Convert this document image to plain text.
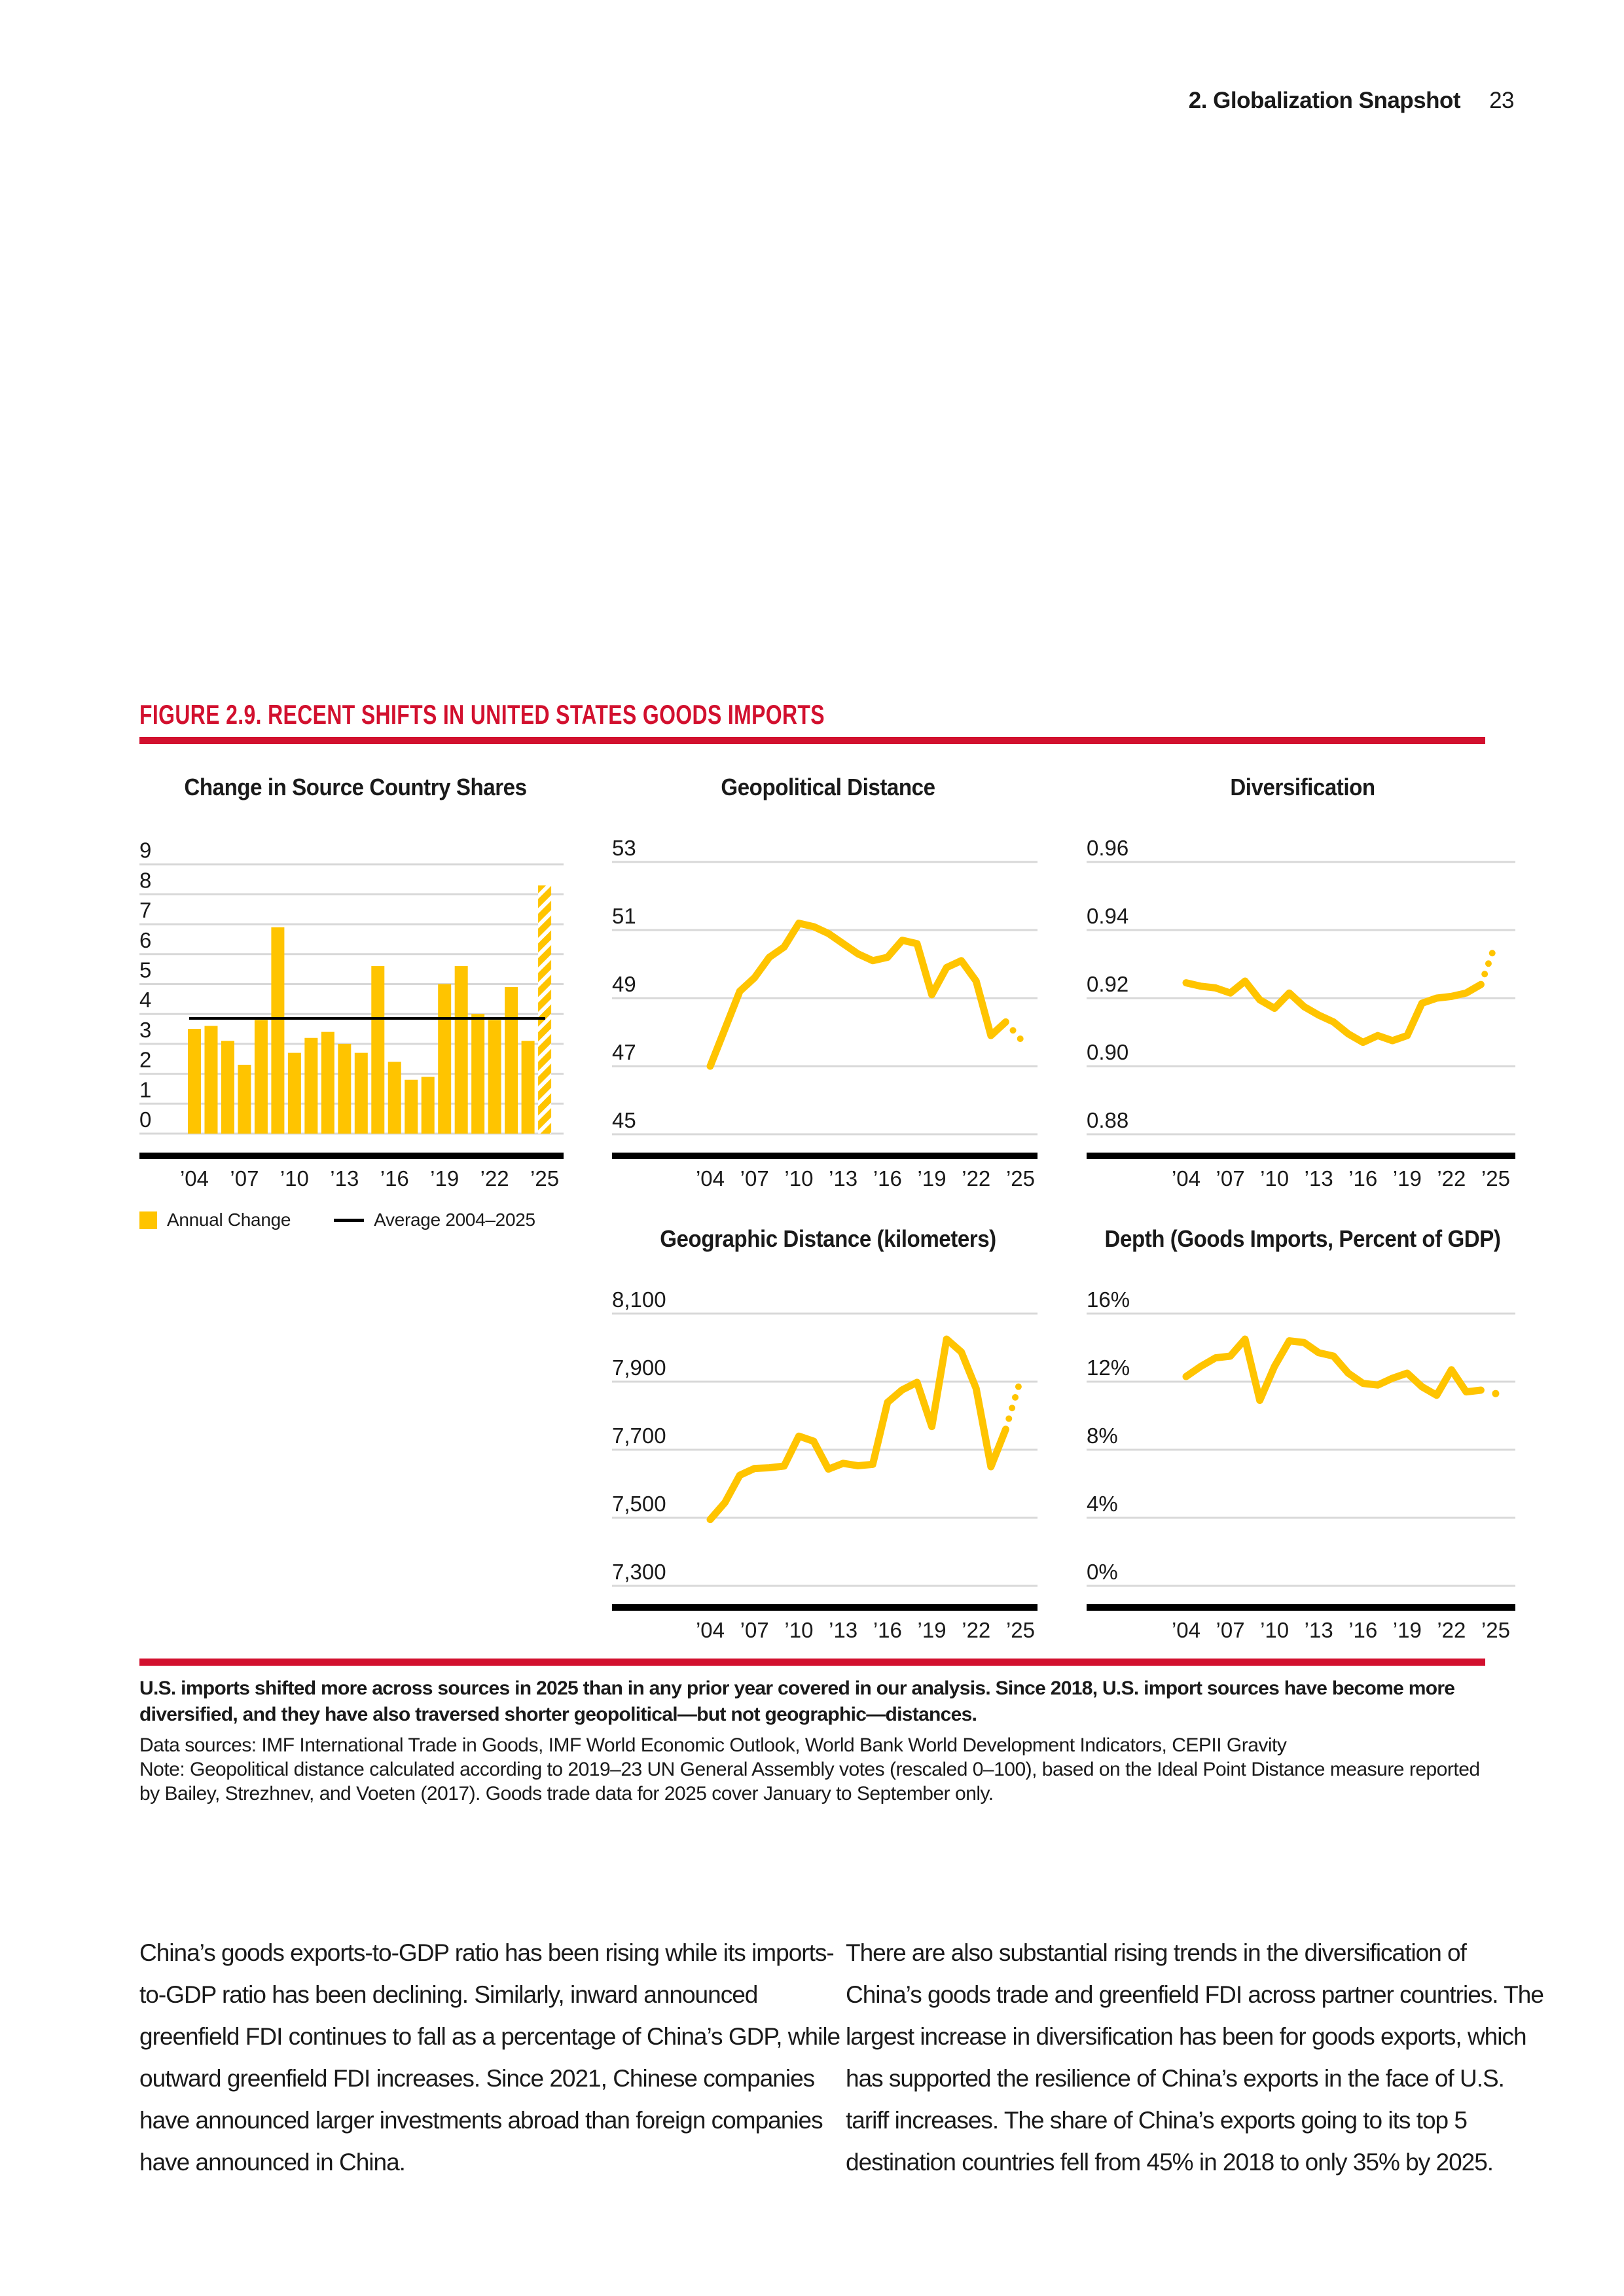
2. Globalization Snapshot 23
FIGURE 2.9. RECENT SHIFTS IN UNITED STATES GOODS IMPORTS
Change in Source Country Shares
9
8
7
6
5
4
3
2
1
0
’04 ’07 ’10 ’13 ’16 ’19 ’22 ’25
Geopolitical Distance
53
51
49
47
45
’04 ’07 ’10 ’13 ’16 ’19 ’22 ’25
Diversification
0.96
0.94
0.92
0.90
0.88
’04 ’07 ’10 ’13 ’16 ’19 ’22 ’25
Geographic Distance (kilometers)
8,100
7,900
7,700
7,500
7,300
’04 ’07 ’10 ’13 ’16 ’19 ’22 ’25
Depth (Goods Imports, Percent of GDP)
16%
12%
8%
4%
0%
’04 ’07 ’10 ’13 ’16 ’19 ’22 ’25
Annual Change	Average 2004–2025

U.S. imports shifted more across sources in 2025 than in any prior year covered in our analysis. Since 2018, U.S. import sources have become more diversified, and they have also traversed shorter geopolitical—but not geographic—distances.

Data sources: IMF International Trade in Goods, IMF World Economic Outlook, World Bank World Development Indicators, CEPII Gravity

Note: Geopolitical distance calculated according to 2019–23 UN General Assembly votes (rescaled 0–100), based on the Ideal Point Distance measure reported by Bailey, Strezhnev, and Voeten (2017). Goods trade data for 2025 cover January to September only.

China’s goods exports-to-GDP ratio has been rising while its imports-to-GDP ratio has been declining. Similarly, inward announced greenfield FDI continues to fall as a percentage of China’s GDP, while outward greenfield FDI increases. Since 2021, Chinese companies have announced larger investments abroad than foreign companies have announced in China.
There are also substantial rising trends in the diversification of China’s goods trade and greenfield FDI across partner countries. The largest increase in diversification has been for goods exports, which has supported the resilience of China’s exports in the face of U.S. tariff increases. The share of China’s exports going to its top 5 destination countries fell from 45% in 2018 to only 35% by 2025.
